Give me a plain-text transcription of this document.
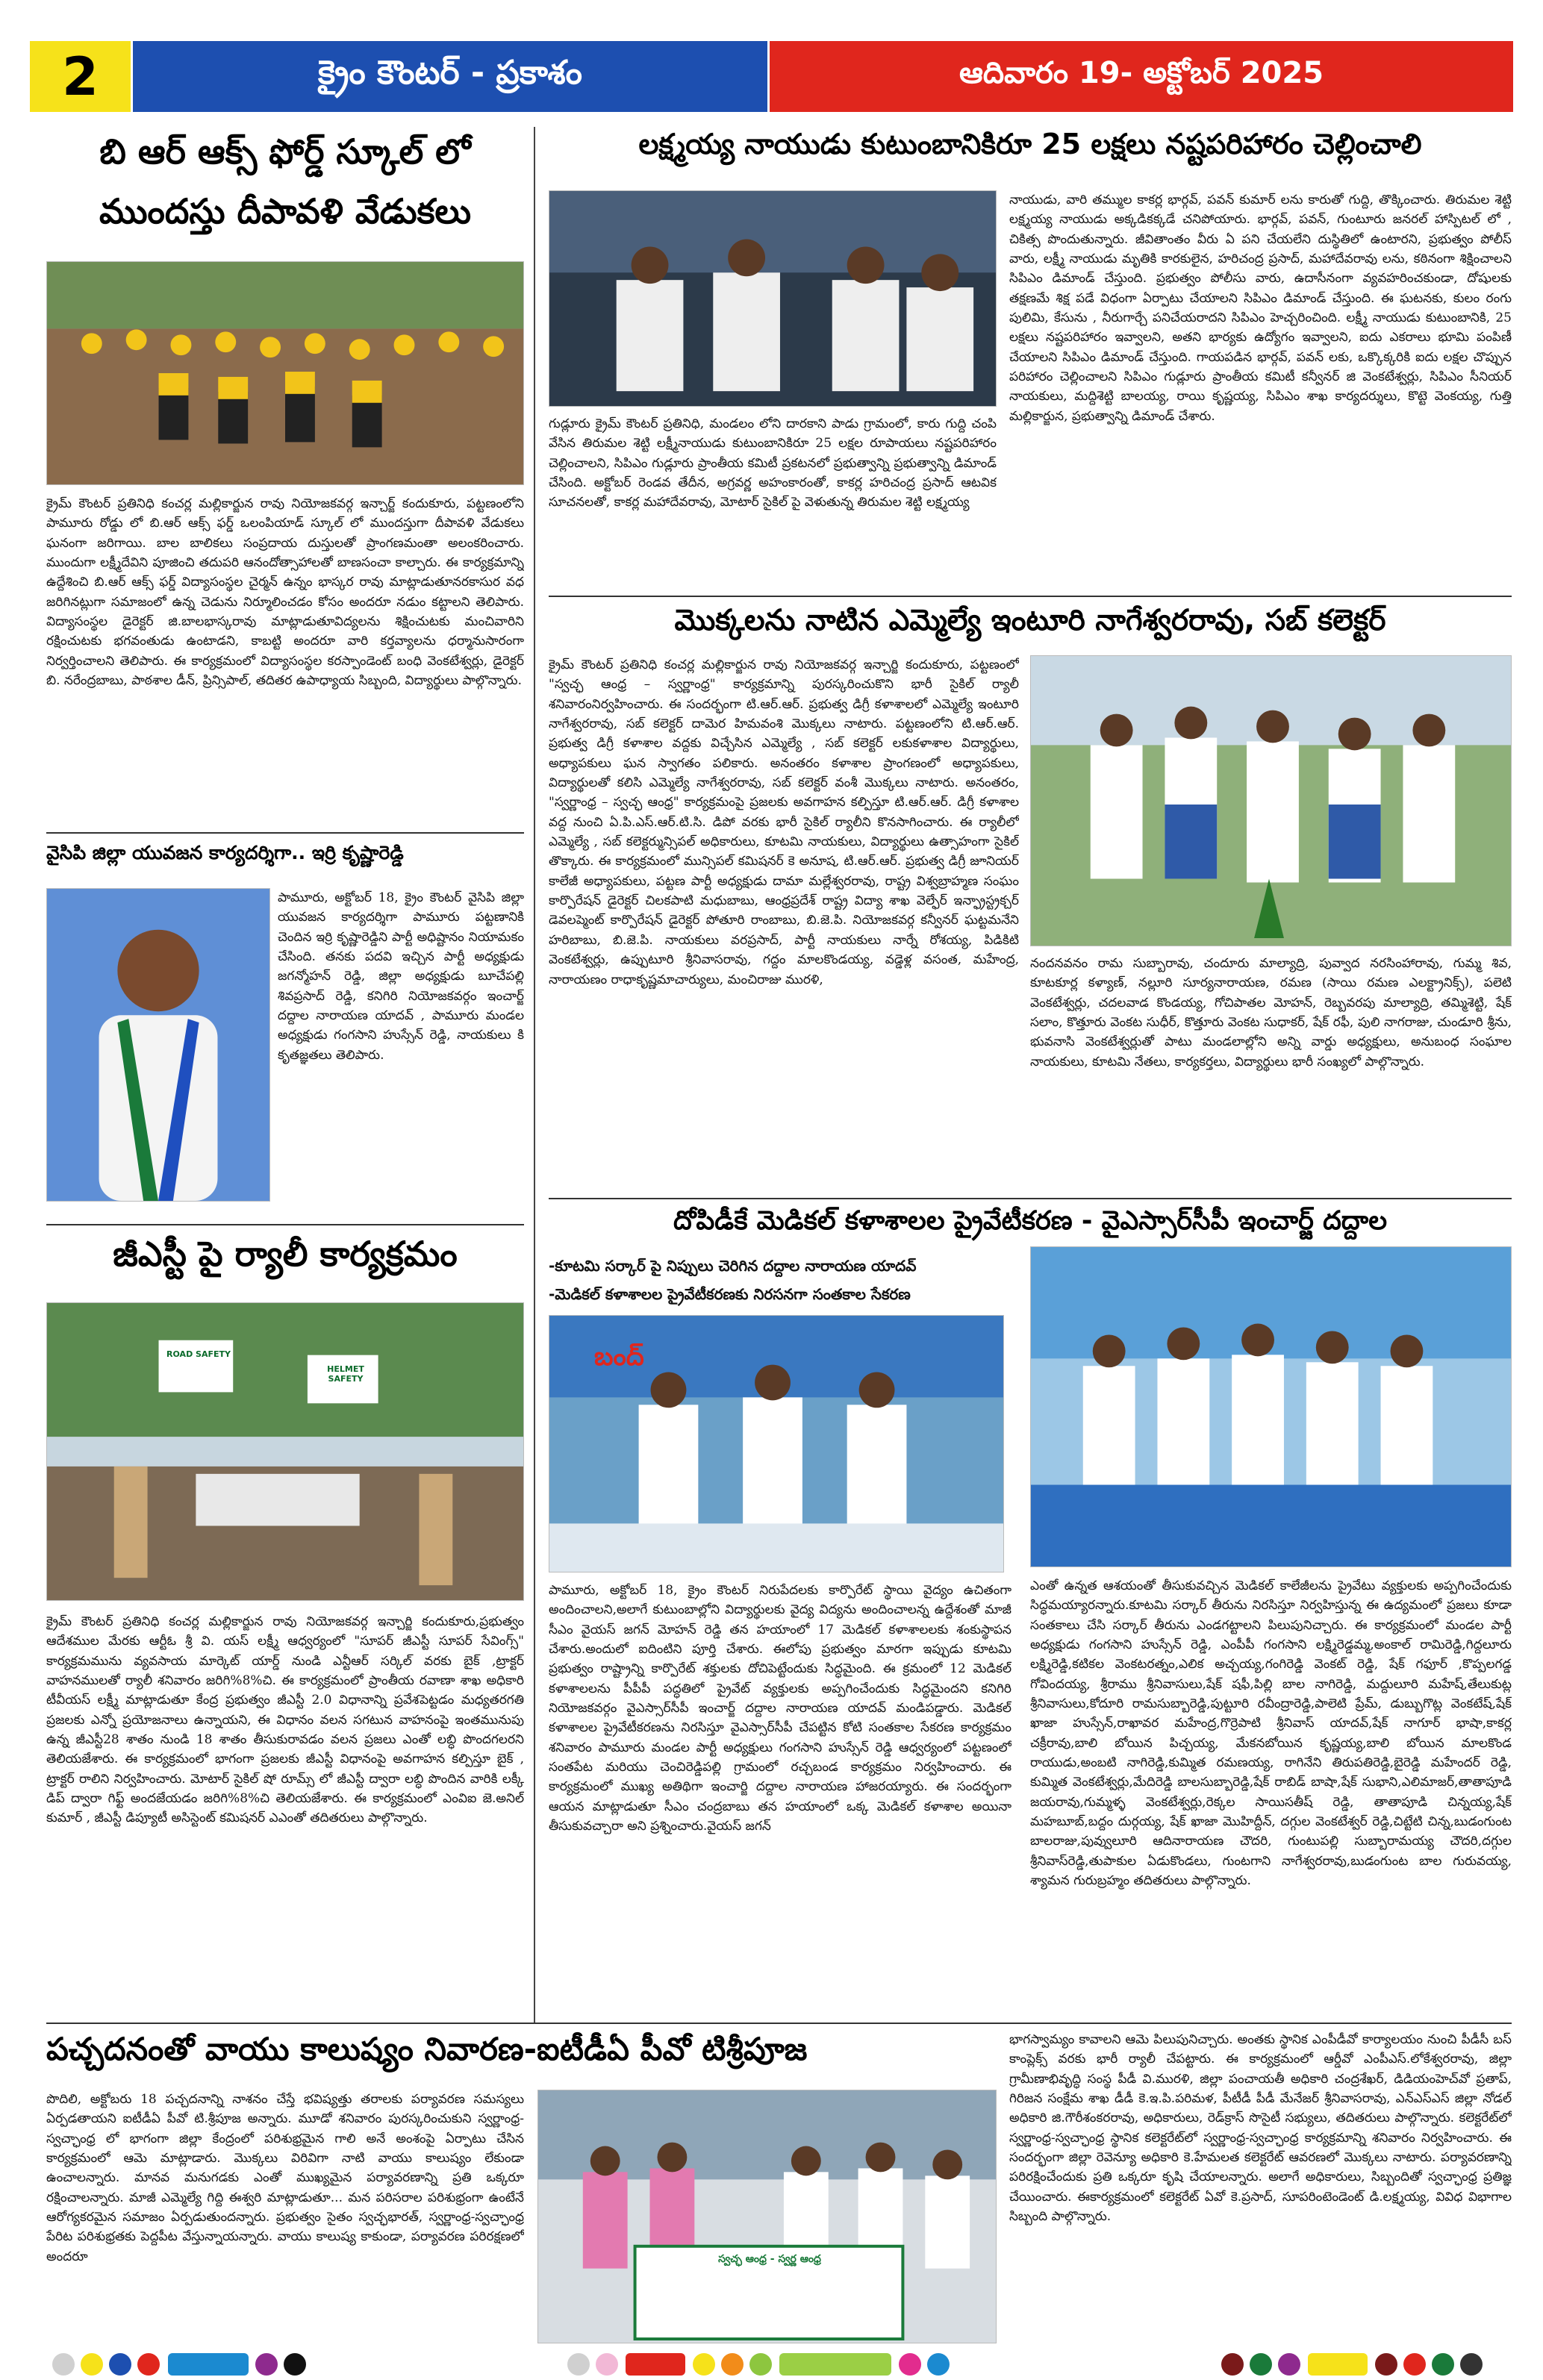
2	క్రైం కౌంటర్ - ప్రకాశం	ఆదివారం 19- అక్టోబర్ 2025
బి ఆర్ ఆక్స్ ఫోర్డ్ స్కూల్ లో
ముందస్తు దీపావళి వేడుకలు
క్రైమ్ కౌంటర్ ప్రతినిధి కంచర్ల మల్లికార్జున రావు నియోజకవర్గ ఇన్చార్జ్ కందుకూరు, పట్టణంలోని పామూరు రోడ్డు లో బి.ఆర్ ఆక్స్ ఫర్డ్ ఒలంపియాడ్ స్కూల్ లో ముందస్తుగా దీపావళి వేడుకలు ఘనంగా జరిగాయి. బాల బాలికలు సంప్రదాయ దుస్తులతో ప్రాంగణమంతా అలంకరించారు. ముందుగా లక్ష్మీదేవిని పూజించి తదుపరి ఆనందోత్సాహాలతో బాణసంచా కాల్చారు. ఈ కార్యక్రమాన్ని ఉద్దేశించి బి.ఆర్ ఆక్స్ ఫర్డ్ విద్యాసంస్థల చైర్మన్ ఉన్నం భాస్కర రావు మాట్లాడుతూనరకాసుర వధ జరిగినట్లుగా సమాజంలో ఉన్న చెడును నిర్మూలించడం కోసం అందరూ నడుం కట్టాలని తెలిపారు. విద్యాసంస్థల డైరెక్టర్ జి.బాలభాస్కరావు మాట్లాడుతూవిద్యలను శిక్షించుటకు మంచివారిని రక్షించుటకు భగవంతుడు ఉంటాడని, కాబట్టి అందరూ వారి కర్తవ్యాలను ధర్మానుసారంగా నిర్వర్తించాలని తెలిపారు. ఈ కార్యక్రమంలో విద్యాసంస్థల కరస్పాండెంట్ బంధి వెంకటేశ్వర్లు, డైరెక్టర్ బి. నరేంద్రబాబు, పాఠశాల డీన్, ప్రిన్సిపాల్, తదితర ఉపాధ్యాయ సిబ్బంది, విద్యార్థులు పాల్గొన్నారు.
వైసిపి జిల్లా యువజన కార్యదర్శిగా.. ఇర్రి కృష్ణారెడ్డి
పామూరు, అక్టోబర్ 18, క్రైం కౌంటర్ వైసిపి జిల్లా యువజన కార్యదర్శిగా పామూరు పట్టణానికి చెందిన ఇర్రి కృష్ణారెడ్డిని పార్టీ అధిష్టానం నియామకం చేసింది. తనకు పదవి ఇచ్చిన పార్టీ అధ్యక్షుడు జగన్మోహన్ రెడ్డి, జిల్లా అధ్యక్షుడు బూచేపల్లి శివప్రసాద్ రెడ్డి, కనిగిరి నియోజకవర్గం ఇంచార్జ్ దద్దాల నారాయణ యాదవ్ , పామూరు మండల అధ్యక్షుడు గంగసాని హుస్సేన్ రెడ్డి, నాయకులు కి కృతజ్ఞతలు తెలిపారు.
జీఎస్టీ పై ర్యాలీ కార్యక్రమం
ROAD SAFETY
HELMET SAFETY
క్రైమ్ కౌంటర్ ప్రతినిధి కంచర్ల మల్లికార్జున రావు నియోజకవర్గ ఇన్చార్జి కందుకూరు,ప్రభుత్వం ఆదేశముల మేరకు ఆర్టీఓ శ్రీ వి. యస్ లక్ష్మీ ఆధ్వర్యంలో "సూపర్ జీఎస్టీ సూపర్ సేవింగ్స్" కార్యక్రమమును వ్యవసాయ మార్కెట్ యార్డ్ నుండి ఎన్టీఆర్ సర్కిల్ వరకు బైక్ ,ట్రాక్టర్ వాహనములతో ర్యాలీ శనివారం జరిగి%8%చి. ఈ కార్యక్రమంలో ప్రాంతీయ రవాణా శాఖ అధికారి టీవీయస్ లక్ష్మీ మాట్లాడుతూ కేంద్ర ప్రభుత్వం జీఎస్టీ 2.0 విధానాన్ని ప్రవేశపెట్టడం మధ్యతరగతి ప్రజలకు ఎన్నో ప్రయోజనాలు ఉన్నాయని, ఈ విధానం వలన సగటున వాహనంపై ఇంతమునుపు ఉన్న జీఎస్టీ28 శాతం నుండి 18 శాతం తీసుకురావడం వలన ప్రజలు ఎంతో లబ్ధి పొందగలరని తెలియజేశారు. ఈ కార్యక్రమంలో భాగంగా ప్రజలకు జీఎస్టీ విధానంపై అవగాహన కల్పిస్తూ బైక్ , ట్రాక్టర్ రాలిని నిర్వహించారు. మోటార్ సైకిల్ షో రూమ్స్ లో జీఎస్టీ ద్వారా లబ్ధి పొందిన వారికి లక్కీ డిప్ ద్వారా గిఫ్ట్ అందజేయడం జరిగి%8%చి తెలియజేశారు. ఈ కార్యక్రమంలో ఎంవిఐ జె.అనిల్ కుమార్ , జీఎస్టీ డిప్యూటీ అసిస్టెంట్ కమిషనర్ ఎఎంతో తదితరులు పాల్గొన్నారు.
లక్ష్మయ్య నాయుడు కుటుంబానికిరూ 25 లక్షలు నష్టపరిహారం చెల్లించాలి
గుడ్లూరు క్రైమ్ కౌంటర్ ప్రతినిధి, మండలం లోని దారకాని పాడు గ్రామంలో, కారు గుద్ది చంపి వేసిన తిరుమల శెట్టి లక్ష్మీనాయుడు కుటుంబానికిరూ 25 లక్షల రూపాయలు నష్టపరిహారం చెల్లించాలని, సిపిఎం గుడ్లూరు ప్రాంతీయ కమిటీ ప్రకటనలో ప్రభుత్వాన్ని ప్రభుత్వాన్ని డిమాండ్ చేసింది. అక్టోబర్ రెండవ తేదీన, అగ్రవర్ణ అహంకారంతో, కాకర్ల హరిచంద్ర ప్రసాద్ ఆటవిక సూచనలతో, కాకర్ల మహాదేవరావు, మోటార్ సైకిల్ పై వెళుతున్న తిరుమల శెట్టి లక్ష్మయ్య
నాయుడు, వారి తమ్ముల కాకర్ల భార్గవ్, పవన్ కుమార్ లను కారుతో గుద్ది, తొక్కించారు. తిరుమల శెట్టి లక్ష్మయ్య నాయుడు అక్కడికక్కడే చనిపోయారు. భార్గవ్, పవన్, గుంటూరు జనరల్ హాస్పిటల్ లో , చికిత్స పొందుతున్నారు. జీవితాంతం వీరు ఏ పని చేయలేని దుస్థితిలో ఉంటారని, ప్రభుత్వం పోలీస్ వారు, లక్ష్మీ నాయుడు మృతికి కారకులైన, హరిచంద్ర ప్రసాద్, మహాదేవరావు లను, కఠినంగా శిక్షించాలని సిపిఎం డిమాండ్ చేస్తుంది. ప్రభుత్వం పోలీసు వారు, ఉదాసీనంగా వ్యవహరించకుండా, దోషులకు తక్షణమే శిక్ష పడే విధంగా ఏర్పాటు చేయాలని సిపిఎం డిమాండ్ చేస్తుంది. ఈ ఘటనకు, కులం రంగు పులిమి, కేసును , నీరుగార్చే పనిచేయరాదని సిపిఎం హెచ్చరించింది. లక్ష్మీ నాయుడు కుటుంబానికి, 25 లక్షలు నష్టపరిహారం ఇవ్వాలని, అతని భార్యకు ఉద్యోగం ఇవ్వాలని, ఐదు ఎకరాలు భూమి పంపిణీ చేయాలని సిపిఎం డిమాండ్ చేస్తుంది. గాయపడిన భార్గవ్, పవన్ లకు, ఒక్కొక్కరికి ఐదు లక్షల చొప్పున పరిహారం చెల్లించాలని సిపిఎం గుడ్లూరు ప్రాంతీయ కమిటీ కన్వీనర్ జి వెంకటేశ్వర్లు, సిపిఎం సీనియర్ నాయకులు, మద్దిశెట్టి బాలయ్య, రాయి కృష్ణయ్య, సిపిఎం శాఖ కార్యదర్శులు, కొట్టె వెంకయ్య, గుత్తి మల్లికార్జున, ప్రభుత్వాన్ని డిమాండ్ చేశారు.
మొక్కలను నాటిన ఎమ్మెల్యే ఇంటూరి నాగేశ్వరరావు, సబ్ కలెక్టర్
క్రైమ్ కౌంటర్ ప్రతినిధి కంచర్ల మల్లికార్జున రావు నియోజకవర్గ ఇన్చార్జి కందుకూరు, పట్టణంలో "స్వచ్ఛ ఆంధ్ర – స్వర్ణాంధ్ర" కార్యక్రమాన్ని పురస్కరించుకొని భారీ సైకిల్ ర్యాలీ శనివారంనిర్వహించారు. ఈ సందర్భంగా టి.ఆర్.ఆర్. ప్రభుత్వ డిగ్రీ కళాశాలలో ఎమ్మెల్యే ఇంటూరి నాగేశ్వరరావు, సబ్ కలెక్టర్ దామెర హిమవంశి మొక్కలు నాటారు. పట్టణంలోని టి.ఆర్.ఆర్. ప్రభుత్వ డిగ్రీ కళాశాల వద్దకు విచ్చేసిన ఎమ్మెల్యే , సబ్ కలెక్టర్ లకుకళాశాల విద్యార్థులు, అధ్యాపకులు ఘన స్వాగతం పలికారు. అనంతరం కళాశాల ప్రాంగణంలో అధ్యాపకులు, విద్యార్థులతో కలిసి ఎమ్మెల్యే నాగేశ్వరరావు, సబ్ కలెక్టర్ వంశీ మొక్కలు నాటారు. అనంతరం, "స్వర్ణాంధ్ర – స్వచ్ఛ ఆంధ్ర" కార్యక్రమంపై ప్రజలకు అవగాహన కల్పిస్తూ టి.ఆర్.ఆర్. డిగ్రీ కళాశాల వద్ద నుంచి ఏ.పి.ఎస్.ఆర్.టి.సి. డిపో వరకు భారీ సైకిల్ ర్యాలీని కొనసాగించారు. ఈ ర్యాలీలో ఎమ్మెల్యే , సబ్ కలెక్టర్మున్సిపల్ అధికారులు, కూటమి నాయకులు, విద్యార్థులు ఉత్సాహంగా సైకిల్ తొక్కారు. ఈ కార్యక్రమంలో మున్సిపల్ కమిషనర్ కె అనూష, టి.ఆర్.ఆర్. ప్రభుత్వ డిగ్రీ జూనియర్ కాలేజీ అధ్యాపకులు, పట్టణ పార్టీ అధ్యక్షుడు దామా మల్లేశ్వరరావు, రాష్ట్ర విశ్వబ్రాహ్మణ సంఘం కార్పొరేషన్ డైరెక్టర్ చిలకపాటి మధుబాబు, ఆంధ్రప్రదేశ్ రాష్ట్ర విద్యా శాఖ వెల్ఫేర్ ఇన్ఫ్రాస్ట్రక్చర్ డెవలప్మెంట్ కార్పొరేషన్ డైరెక్టర్ పోతూరి రాంబాబు, బి.జె.పి. నియోజకవర్గ కన్వీనర్ ఘట్టమనేని హరిబాబు, బి.జె.పి. నాయకులు వరప్రసాద్, పార్టీ నాయకులు నార్నే రోశయ్య, పిడికిటి వెంకటేశ్వర్లు, ఉప్పుటూరి శ్రీనివాసరావు, గద్దం మాలకొండయ్య, వడ్డెళ్ల వసంత, మహేంద్ర, నారాయణం రాధాకృష్ణమాచార్యులు, మంచిరాజు మురళి,
నందనవనం రామ సుబ్బారావు, చందూరు మాల్యాద్రి, పువ్వాద నరసింహారావు, గుమ్మ శివ, కూటకూర్ల కళ్యాణ్, నల్లూరి సూర్యనారాయణ, రమణ (సాయి రమణ ఎలక్ట్రానిక్స్), పలెటి వెంకటేశ్వర్లు, చదలవాడ కొండయ్య, గోచిపాతల మోహన్, రెబ్బవరపు మాల్యాద్రి, తమ్మిశెట్టి, షేక్ సలాం, కొత్తూరు వెంకట సుధీర్, కొత్తూరు వెంకట సుధాకర్, షేక్ రఫీ, పులి నాగరాజు, చుండూరి శ్రీను, భువనాసి వెంకటేశ్వర్లుతో పాటు మండలాల్లోని అన్ని వార్డు అధ్యక్షులు, అనుబంధ సంఘాల నాయకులు, కూటమి నేతలు, కార్యకర్తలు, విద్యార్థులు భారీ సంఖ్యలో పాల్గొన్నారు.
దోపిడీకే మెడికల్ కళాశాలల ప్రైవేటీకరణ - వైఎస్సార్‌సీపీ ఇంచార్జ్ దద్దాల
-కూటమి సర్కార్ పై నిప్పులు చెరిగిన దద్దాల నారాయణ యాదవ్
-మెడికల్ కళాశాలల ప్రైవేటీకరణకు నిరసనగా సంతకాల సేకరణ
బంద్
పామూరు, అక్టోబర్ 18, క్రైం కౌంటర్ నిరుపేదలకు కార్పొరేట్ స్థాయి వైద్యం ఉచితంగా అందించాలని,అలాగే కుటుంబాల్లోని విద్యార్థులకు వైద్య విద్యను అందించాలన్న ఉద్దేశంతో మాజీ సీఎం వైయస్ జగన్ మోహన్ రెడ్డి తన హయాంలో 17 మెడికల్ కళాశాలలకు శంకుస్థాపన చేశారు.అందులో ఐదింటిని పూర్తి చేశారు. ఈలోపు ప్రభుత్వం మారగా ఇప్పుడు కూటమి ప్రభుత్వం రాష్ట్రాన్ని కార్పొరేట్ శక్తులకు దోచిపెట్టేందుకు సిద్ధమైంది. ఈ క్రమంలో 12 మెడికల్ కళాశాలలను పీపీపీ పద్ధతిలో ప్రైవేట్ వ్యక్తులకు అప్పగించేందుకు సిద్ధమైందని కనిగిరి నియోజకవర్గం వైఎస్సార్‌సీపీ ఇంచార్జ్ దద్దాల నారాయణ యాదవ్ మండిపడ్డారు. మెడికల్ కళాశాలల ప్రైవేటీకరణను నిరసిస్తూ వైఎస్సార్‌సీపీ చేపట్టిన కోటి సంతకాల సేకరణ కార్యక్రమం శనివారం పామూరు మండల పార్టీ అధ్యక్షులు గంగసాని హుస్సేన్ రెడ్డి ఆధ్వర్యంలో పట్టణంలో సంతపేట మరియు చెంచిరెడ్డిపల్లి గ్రామంలో రచ్చబండ కార్యక్రమం నిర్వహించారు. ఈ కార్యక్రమంలో ముఖ్య అతిథిగా ఇంచార్జి దద్దాల నారాయణ హాజరయ్యారు. ఈ సందర్భంగా ఆయన మాట్లాడుతూ సీఎం చంద్రబాబు తన హయాంలో ఒక్క మెడికల్ కళాశాల అయినా తీసుకువచ్చారా అని ప్రశ్నించారు.వైయస్ జగన్
ఎంతో ఉన్నత ఆశయంతో తీసుకువచ్చిన మెడికల్ కాలేజీలను ప్రైవేటు వ్యక్తులకు అప్పగించేందుకు సిద్ధమయ్యారన్నారు.కూటమి సర్కార్ తీరును నిరసిస్తూ నిర్వహిస్తున్న ఈ ఉద్యమంలో ప్రజలు కూడా సంతకాలు చేసి సర్కార్ తీరును ఎండగట్టాలని పిలుపునిచ్చారు. ఈ కార్యక్రమంలో మండల పార్టీ అధ్యక్షుడు గంగసాని హుస్సేన్ రెడ్డి, ఎంపీపీ గంగసాని లక్ష్మిరెడ్డమ్మ,అంకాల్ రామిరెడ్డి,గిద్దలూరు లక్ష్మిరెడ్డి,కటికల వెంకటరత్నం,ఎలిక అచ్చయ్య,గంగిరెడ్డి వెంకట్ రెడ్డి, షేక్ గఫూర్ ,కొప్పలగడ్డ గోవిందయ్య, శ్రీరాము శ్రీనివాసులు,షేక్ షఫీ,పిల్లి బాల నాగిరెడ్డి, మద్దులూరి మహేష్,తేలుకుట్ల శ్రీనివాసులు,కోదూరి రామసుబ్బారెడ్డి,పుట్టూరి రవీంద్రారెడ్డి,పాలెటి ప్రేమ్, డుబ్బుగొట్ల వెంకటేష్,షేక్ ఖాజా హుస్సేన్,రాఖావర మహేంద్ర,గొర్రెపాటి శ్రీనివాస్ యాదవ్,షేక్ నాగూర్ భాషా,కాకర్ల చక్రీరావు,బాలి బోయిన పిచ్చయ్య, మేకనబోయిన కృష్ణయ్య,బాలి బోయిన మాలకొండ రాయుడు,అంబటి నాగిరెడ్డి,కుమ్మిత రమణయ్య, రాగినేని తిరుపతిరెడ్డి,బైరెడ్డి మహేందర్ రెడ్డి, కుమ్మిత వెంకటేశ్వర్లు,మేదిరెడ్డి బాలసుబ్బారెడ్డి,షేక్ రాబిడ్ బాషా,షేక్ సుభాని,ఎలిమాజర్,తాతాపూడి జయరావు,గుమ్మళ్ళ వెంకటేశ్వర్లు,రెక్కల సాయిసతీష్ రెడ్డి, తాతాపూడి చిన్నయ్య,షేక్ మహబూబ్,బద్దం దుర్గయ్య, షేక్ ఖాజా మొహిద్దీన్, దగ్గుల వెంకటేశ్వర్ రెడ్డి,చిట్టేటి చిన్న,బుడంగుంట బాలరాజు,పువ్వులూరి ఆదినారాయణ చౌదరి, గుంటుపల్లి సుబ్బారామయ్య చౌదరి,దగ్గుల శ్రీనివాస్‌రెడ్డి,తుపాకుల ఏడుకొండలు, గుంటగాని నాగేశ్వరరావు,బుడంగుంట బాల గురువయ్య, శ్యామన గురుబ్రహ్మం తదితరులు పాల్గొన్నారు.
పచ్చదనంతో వాయు కాలుష్యం నివారణ-ఐటీడీఏ పీవో టిశ్రీపూజ
పొదిలి, అక్టోబరు 18 పచ్చదనాన్ని నాశనం చేస్తే భవిష్యత్తు తరాలకు పర్యావరణ సమస్యలు ఏర్పడతాయని ఐటీడీఏ పీవో టి.శ్రీపూజ అన్నారు. మూడో శనివారం పురస్కరించుకుని స్వర్ణాంధ్ర-స్వచ్ఛాంధ్ర లో భాగంగా జిల్లా కేంద్రంలో పరిశుభ్రమైన గాలి అనే అంశంపై ఏర్పాటు చేసిన కార్యక్రమంలో ఆమె మాట్లాడారు. మొక్కలు విరివిగా నాటి వాయు కాలుష్యం లేకుండా ఉంచాలన్నారు. మానవ మనుగడకు ఎంతో ముఖ్యమైన పర్యావరణాన్ని ప్రతి ఒక్కరూ రక్షించాలన్నారు. మాజీ ఎమ్మెల్యే గిద్ది ఈశ్వరి మాట్లాడుతూ... మన పరిసరాల పరిశుభ్రంగా ఉంటేనే ఆరోగ్యకరమైన సమాజం ఏర్పడుతుందన్నారు. ప్రభుత్వం సైతం స్వచ్ఛభారత్, స్వర్ణాంధ్ర-స్వచ్ఛాంధ్ర పేరిట పరిశుభ్రతకు పెద్దపీట వేస్తున్నాయన్నారు. వాయు కాలుష్య కాకుండా, పర్యావరణ పరిరక్షణలో అందరూ	స్వచ్ఛ ఆంధ్ర - స్వర్ణ ఆంధ్ర
భాగస్వామ్యం కావాలని ఆమె పిలుపునిచ్చారు. అంతకు స్థానిక ఎంపీడీవో కార్యాలయం నుంచి పీడీసీ బస్ కాంప్లెక్స్ వరకు భారీ ర్యాలీ చేపట్టారు. ఈ కార్యక్రమంలో ఆర్డీవో ఎంపీఎస్.లోకేశ్వరరావు, జిల్లా గ్రామీణాభివృద్ధి సంస్థ పీడీ వి.మురళి, జిల్లా పంచాయతీ అధికారి చంద్రశేఖర్, డిడియంహెచ్‌వో ప్రతాప్, గిరిజన సంక్షేమ శాఖ డీడీ కె.ఇ.పి.పరిమళ, పీటీడీ పీడీ మేనేజర్ శ్రీనివాసరావు, ఎన్ఎస్ఎస్ జిల్లా నోడల్ అధికారి జి.గౌరీశంకరరావు, అధికారులు, రెడ్‌క్రాస్ సొసైటీ సభ్యులు, తదితరులు పాల్గొన్నారు. కలెక్టరేట్‌లో స్వర్ణాంధ్ర-స్వచ్ఛాంధ్ర స్థానిక కలెక్టరేట్‌లో స్వర్ణాంధ్ర-స్వచ్ఛాంధ్ర కార్యక్రమాన్ని శనివారం నిర్వహించారు. ఈ సందర్భంగా జిల్లా రెవెన్యూ అధికారి కె.హేమలత కలెక్టరేట్ ఆవరణలో మొక్కలు నాటారు. పర్యావరణాన్ని పరిరక్షించేందుకు ప్రతి ఒక్కరూ కృషి చేయాలన్నారు. అలాగే అధికారులు, సిబ్బందితో స్వచ్ఛాంధ్ర ప్రతిజ్ఞ చేయించారు. ఈకార్యక్రమంలో కలెక్టరేట్ ఏవో కె.ప్రసాద్, సూపరింటెండెంట్ డి.లక్ష్మయ్య, వివిధ విభాగాల సిబ్బంది పాల్గొన్నారు.
